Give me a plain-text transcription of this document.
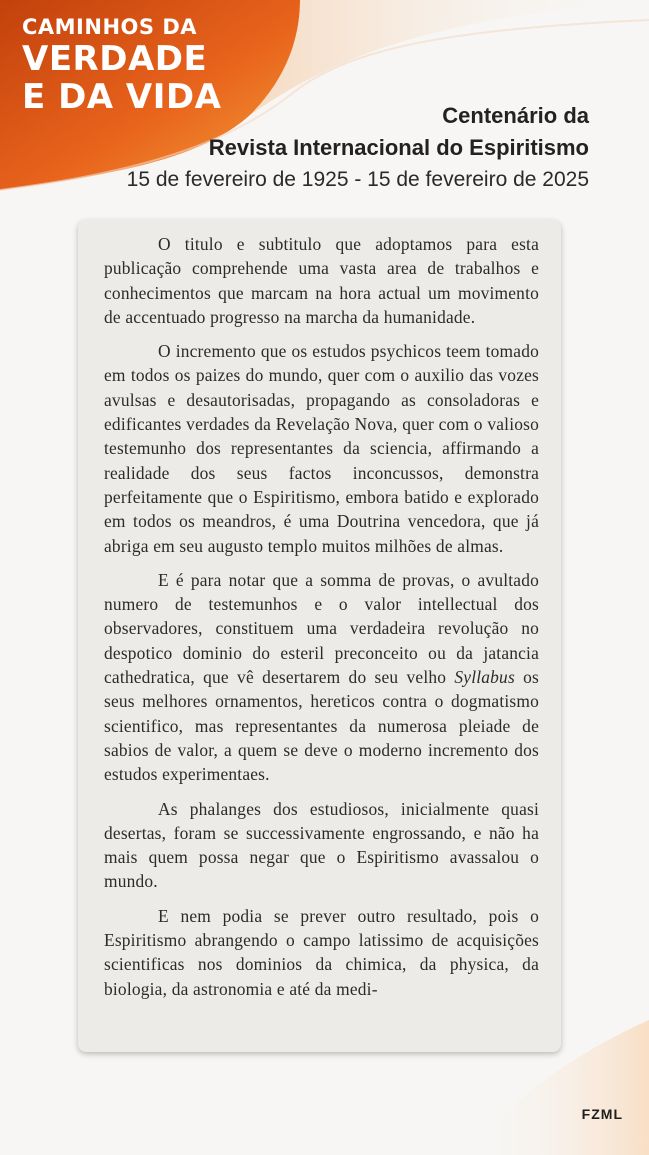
CAMINHOS DA
VERDADE
E DA VIDA	Centenário da
Revista Internacional do Espiritismo
15 de fevereiro de 1925 - 15 de fevereiro de 2025

O titulo e subtitulo que adoptamos para esta publicação comprehende uma vasta area de trabalhos e conhecimentos que marcam na hora actual um movimento de accentuado progresso na marcha da humanidade.

O incremento que os estudos psychicos teem tomado em todos os paizes do mundo, quer com o auxilio das vozes avulsas e desautorisadas, propagando as consoladoras e edificantes verdades da Revelação Nova, quer com o valioso testemunho dos representantes da sciencia, affirmando a realidade dos seus factos inconcussos, demonstra perfeitamente que o Espiritismo, embora batido e explorado em todos os meandros, é uma Doutrina vencedora, que já abriga em seu augusto templo muitos milhões de almas.

E é para notar que a somma de provas, o avultado numero de testemunhos e o valor intellectual dos observadores, constituem uma verdadeira revolução no despotico dominio do esteril preconceito ou da jatancia cathedratica, que vê desertarem do seu velho Syllabus os seus melhores ornamentos, hereticos contra o dogmatismo scientifico, mas representantes da numerosa pleiade de sabios de valor, a quem se deve o moderno incremento dos estudos experimentaes.

As phalanges dos estudiosos, inicialmente quasi desertas, foram se successivamente engrossando, e não ha mais quem possa negar que o Espiritismo avassalou o mundo.

E nem podia se prever outro resultado, pois o Espiritismo abrangendo o campo latissimo de acquisições scientificas nos dominios da chimica, da physica, da biologia, da astronomia e até da medi-

FZML
